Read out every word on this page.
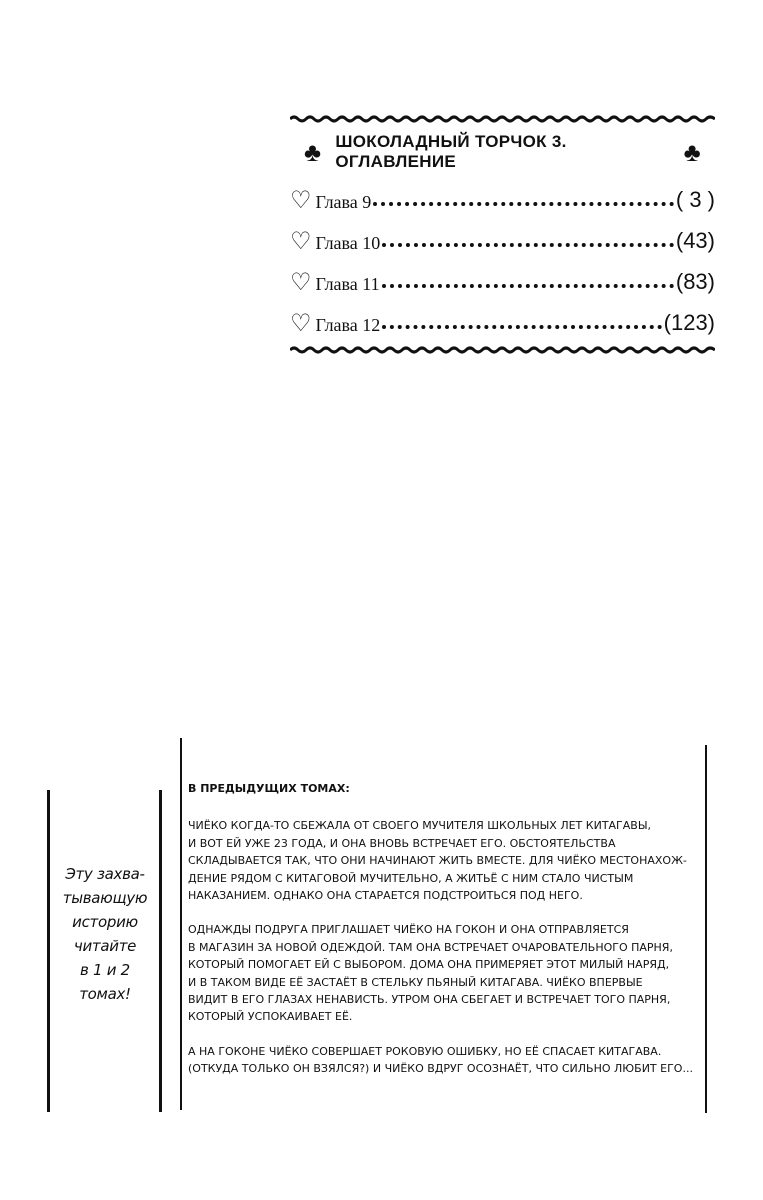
♣ ШОКОЛАДНЫЙ ТОРЧОК 3. ОГЛАВЛЕНИЕ	♣
♡ Глава 9	( 3 )
♡ Глава 10	(43)
♡ Глава 11	(83)
♡ Глава 12	(123)
Эту захва-
тывающую
историю
читайте
в 1 и 2
томах!
В ПРЕДЫДУЩИХ ТОМАХ:
ЧИЁКО КОГДА-ТО СБЕЖАЛА ОТ СВОЕГО МУЧИТЕЛЯ ШКОЛЬНЫХ ЛЕТ КИТАГАВЫ,
И ВОТ ЕЙ УЖЕ 23 ГОДА, И ОНА ВНОВЬ ВСТРЕЧАЕТ ЕГО. ОБСТОЯТЕЛЬСТВА
СКЛАДЫВАЕТСЯ ТАК, ЧТО ОНИ НАЧИНАЮТ ЖИТЬ ВМЕСТЕ. ДЛЯ ЧИЁКО МЕСТОНАХОЖ-
ДЕНИЕ РЯДОМ С КИТАГОВОЙ МУЧИТЕЛЬНО, А ЖИТЬЁ С НИМ СТАЛО ЧИСТЫМ
НАКАЗАНИЕМ. ОДНАКО ОНА СТАРАЕТСЯ ПОДСТРОИТЬСЯ ПОД НЕГО.
ОДНАЖДЫ ПОДРУГА ПРИГЛАШАЕТ ЧИЁКО НА ГОКОН И ОНА ОТПРАВЛЯЕТСЯ
В МАГАЗИН ЗА НОВОЙ ОДЕЖДОЙ. ТАМ ОНА ВСТРЕЧАЕТ ОЧАРОВАТЕЛЬНОГО ПАРНЯ,
КОТОРЫЙ ПОМОГАЕТ ЕЙ С ВЫБОРОМ. ДОМА ОНА ПРИМЕРЯЕТ ЭТОТ МИЛЫЙ НАРЯД,
И В ТАКОМ ВИДЕ ЕЁ ЗАСТАЁТ В СТЕЛЬКУ ПЬЯНЫЙ КИТАГАВА. ЧИЁКО ВПЕРВЫЕ
ВИДИТ В ЕГО ГЛАЗАХ НЕНАВИСТЬ. УТРОМ ОНА СБЕГАЕТ И ВСТРЕЧАЕТ ТОГО ПАРНЯ,
КОТОРЫЙ УСПОКАИВАЕТ ЕЁ.
А НА ГОКОНЕ ЧИЁКО СОВЕРШАЕТ РОКОВУЮ ОШИБКУ, НО ЕЁ СПАСАЕТ КИТАГАВА.
(ОТКУДА ТОЛЬКО ОН ВЗЯЛСЯ?) И ЧИЁКО ВДРУГ ОСОЗНАЁТ, ЧТО СИЛЬНО ЛЮБИТ ЕГО...
